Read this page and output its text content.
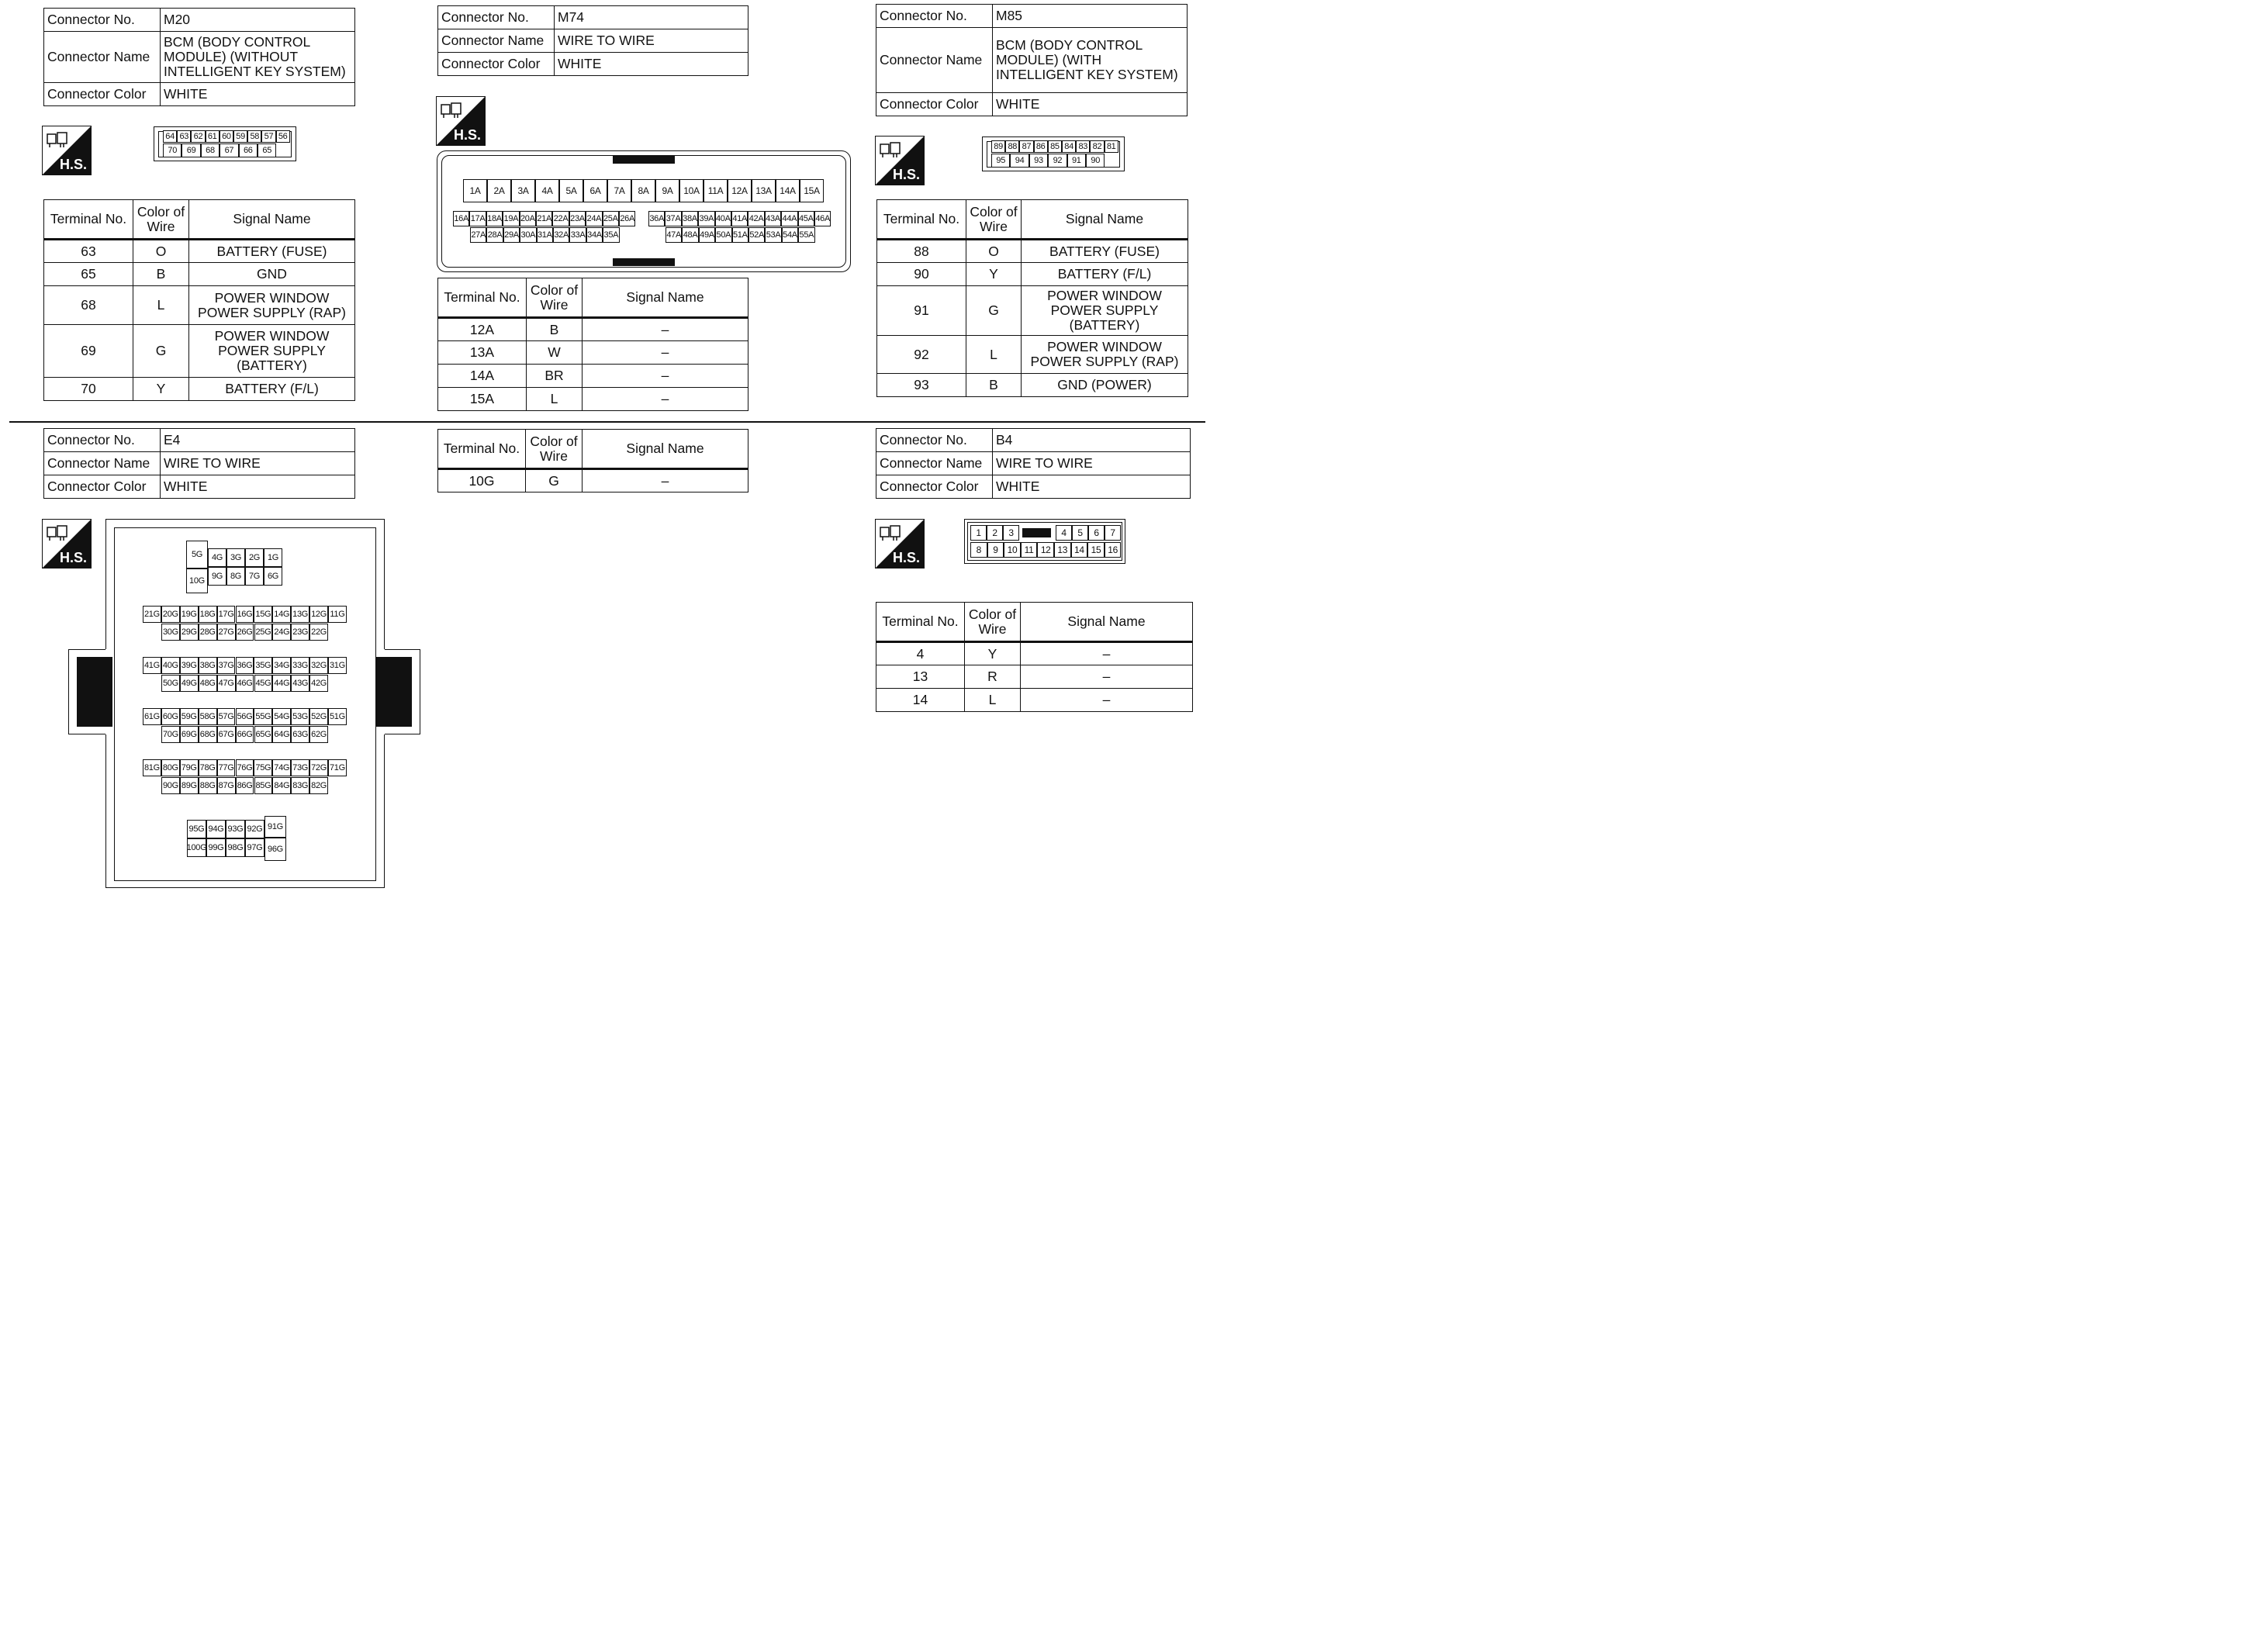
Connector No.	M20
Connector Name	BCM (BODY CONTROL MODULE) (WITHOUT INTELLIGENT KEY SYSTEM)
Connector Color	WHITE
H.S.
64 63 62 61 60 59 58 57 56
70	69	68	67	66	65
Terminal No.	Color of Wire	Signal Name
63	O	BATTERY (FUSE)
65	B	GND
68	L	POWER WINDOW POWER SUPPLY (RAP)
69	G	POWER WINDOW POWER SUPPLY (BATTERY)
70	Y	BATTERY (F/L)
Connector No.	M74
Connector Name	WIRE TO WIRE
Connector Color	WHITE
H.S.
1A	2A	3A	4A	5A	6A	7A	8A	9A	10A 11A 12A 13A 14A 15A
16A 17A 18A 19A 20A 21A 22A 23A 24A 25A 26A 36A 37A 38A 39A 40A 41A 42A 43A 44A 45A 46A
27A 28A 29A 30A 31A 32A 33A 34A 35A	47A 48A 49A 50A 51A 52A 53A 54A 55A
Terminal No.	Color of Wire	Signal Name
12A	B	–
13A	W	–
14A	BR	–
15A	L	–
Connector No.	M85
Connector Name	BCM (BODY CONTROL MODULE) (WITH INTELLIGENT KEY SYSTEM)
Connector Color	WHITE
H.S.
89 88 87 86 85 84 83 82 81
95	94	93	92	91	90
Terminal No.	Color of Wire	Signal Name
88	O	BATTERY (FUSE)
90	Y	BATTERY (F/L)
91	G	POWER WINDOW POWER SUPPLY (BATTERY)
92	L	POWER WINDOW POWER SUPPLY (RAP)
93	B	GND (POWER)
Connector No.	E4
Connector Name	WIRE TO WIRE
Connector Color	WHITE
H.S.	5G
10G
4G 3G 2G 1G
9G 8G 7G 6G
21G 20G 19G 18G 17G 16G 15G 14G 13G 12G 11G
30G 29G 28G 27G 26G 25G 24G 23G 22G
41G 40G 39G 38G 37G 36G 35G 34G 33G 32G 31G
50G 49G 48G 47G 46G 45G 44G 43G 42G
61G 60G 59G 58G 57G 56G 55G 54G 53G 52G 51G
70G 69G 68G 67G 66G 65G 64G 63G 62G
81G 80G 79G 78G 77G 76G 75G 74G 73G 72G 71G
90G 89G 88G 87G 86G 85G 84G 83G 82G
95G 94G 93G 92G
100G 99G 98G 97G
91G
96G
Terminal No.	Color of Wire	Signal Name
10G	G	–
Connector No.	B4
Connector Name	WIRE TO WIRE
Connector Color	WHITE
H.S.
1	2	3	4	5	6	7
8	9	10 11 12 13 14 15 16
Terminal No.	Color of Wire	Signal Name
4	Y	–
13	R	–
14	L	–
